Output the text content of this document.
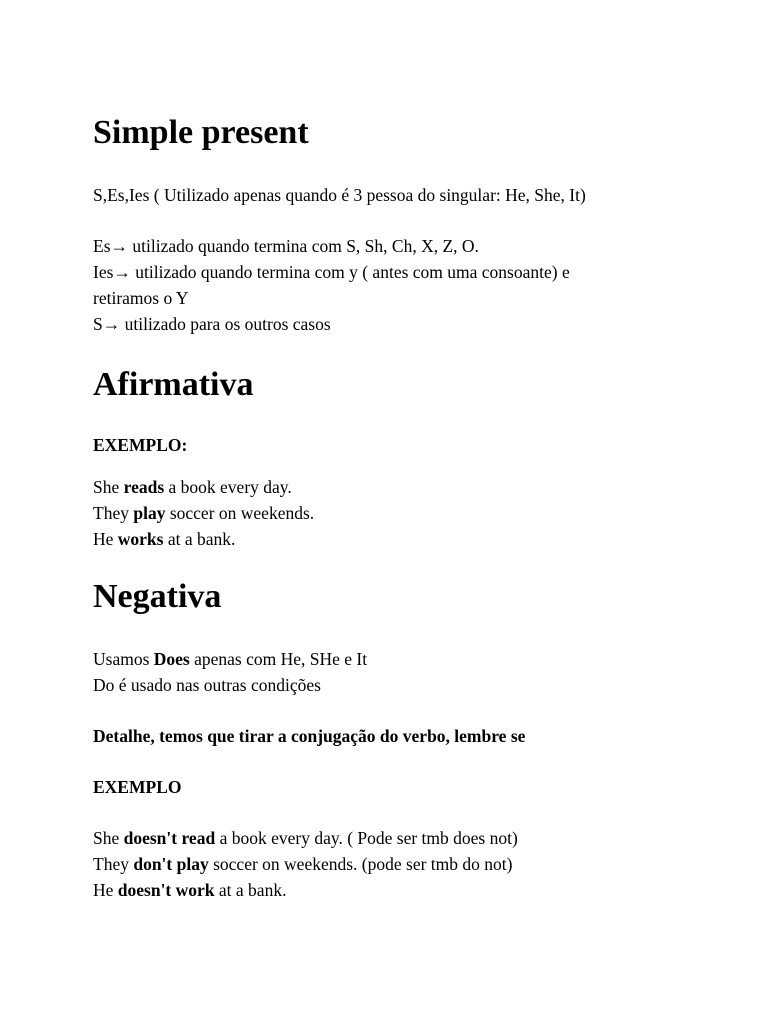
Simple present
S,Es,Ies ( Utilizado apenas quando é 3 pessoa do singular: He, She, It)
Es→ utilizado quando termina com S, Sh, Ch, X, Z, O.
Ies→ utilizado quando termina com y ( antes com uma consoante) e
retiramos o Y
S→ utilizado para os outros casos
Afirmativa
EXEMPLO:
She reads a book every day.
They play soccer on weekends.
He works at a bank.
Negativa
Usamos Does apenas com He, SHe e It
Do é usado nas outras condições
Detalhe, temos que tirar a conjugação do verbo, lembre se
EXEMPLO
She doesn't read a book every day. ( Pode ser tmb does not)
They don't play soccer on weekends. (pode ser tmb do not)
He doesn't work at a bank.
